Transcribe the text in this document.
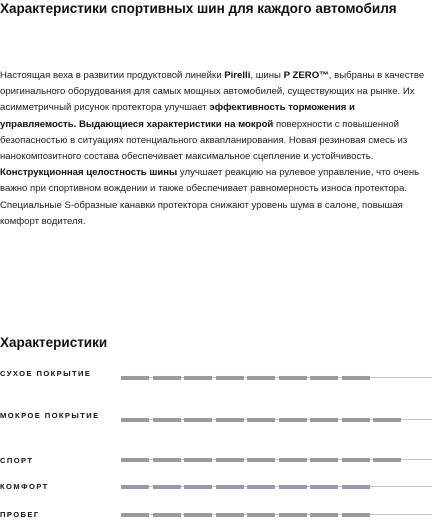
Характеристики спортивных шин для каждого автомобиля

Настоящая веха в развитии продуктовой линейки Pirelli, шины P ZERO™, выбраны в качестве оригинального оборудования для самых мощных автомобилей, существующих на рынке. Их асимметричный рисунок протектора улучшает эффективность торможения и управляемость. Выдающиеся характеристики на мокрой поверхности с повышенной безопасностью в ситуациях потенциального аквапланирования. Новая резиновая смесь из нанокомпозитного состава обеспечивает максимальное сцепление и устойчивость. Конструкционная целостность шины улучшает реакцию на рулевое управление, что очень важно при спортивном вождении и также обеспечивает равномерность износа протектора. Специальные S-образные канавки протектора снижают уровень шума в салоне, повышая комфорт водителя.

Характеристики
СУХОЕ ПОКРЫТИЕ
МОКРОЕ ПОКРЫТИЕ
СПОРТ
КОМФОРТ
ПРОБЕГ
